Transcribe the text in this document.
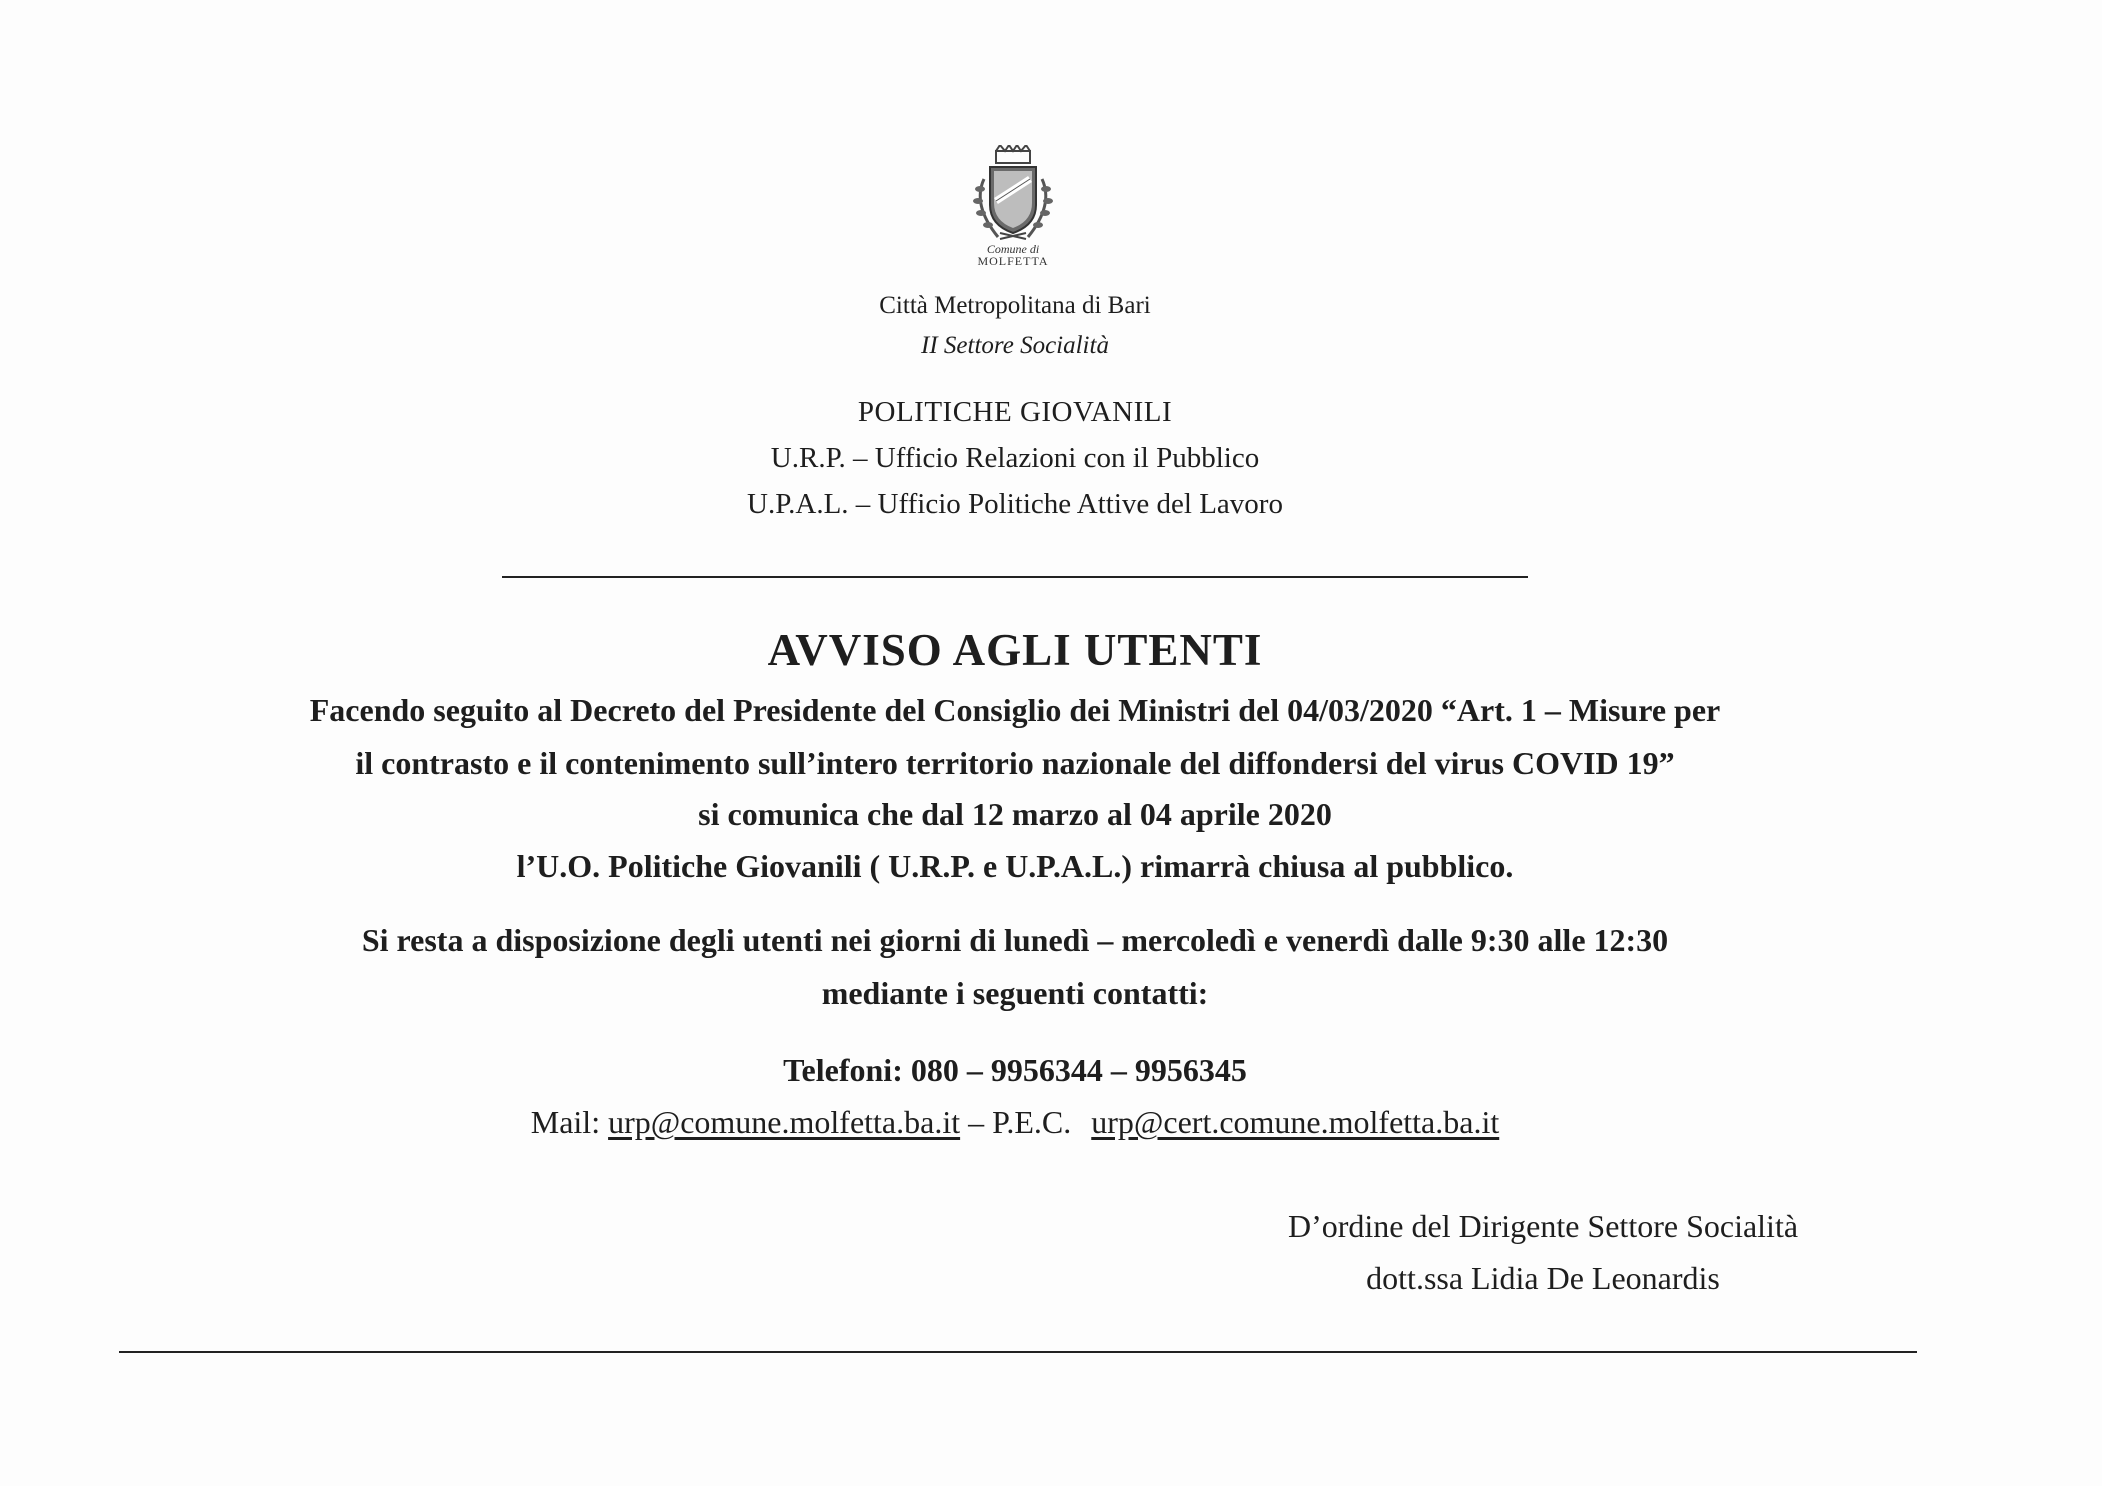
Comune di
MOLFETTA
Città Metropolitana di Bari
II Settore Socialità
POLITICHE GIOVANILI
U.R.P. – Ufficio Relazioni con il Pubblico
U.P.A.L. – Ufficio Politiche Attive del Lavoro
AVVISO AGLI UTENTI
Facendo seguito al Decreto del Presidente del Consiglio dei Ministri del 04/03/2020 “Art. 1 – Misure per
il contrasto e il contenimento sull’intero territorio nazionale del diffondersi del virus COVID 19”
si comunica che dal 12 marzo al 04 aprile 2020
l’U.O. Politiche Giovanili ( U.R.P. e U.P.A.L.) rimarrà chiusa al pubblico.
Si resta a disposizione degli utenti nei giorni di lunedì – mercoledì e venerdì dalle 9:30 alle 12:30
mediante i seguenti contatti:
Telefoni: 080 – 9956344 – 9956345
Mail: urp@comune.molfetta.ba.it – P.E.C. urp@cert.comune.molfetta.ba.it
D’ordine del Dirigente Settore Socialità
dott.ssa Lidia De Leonardis
